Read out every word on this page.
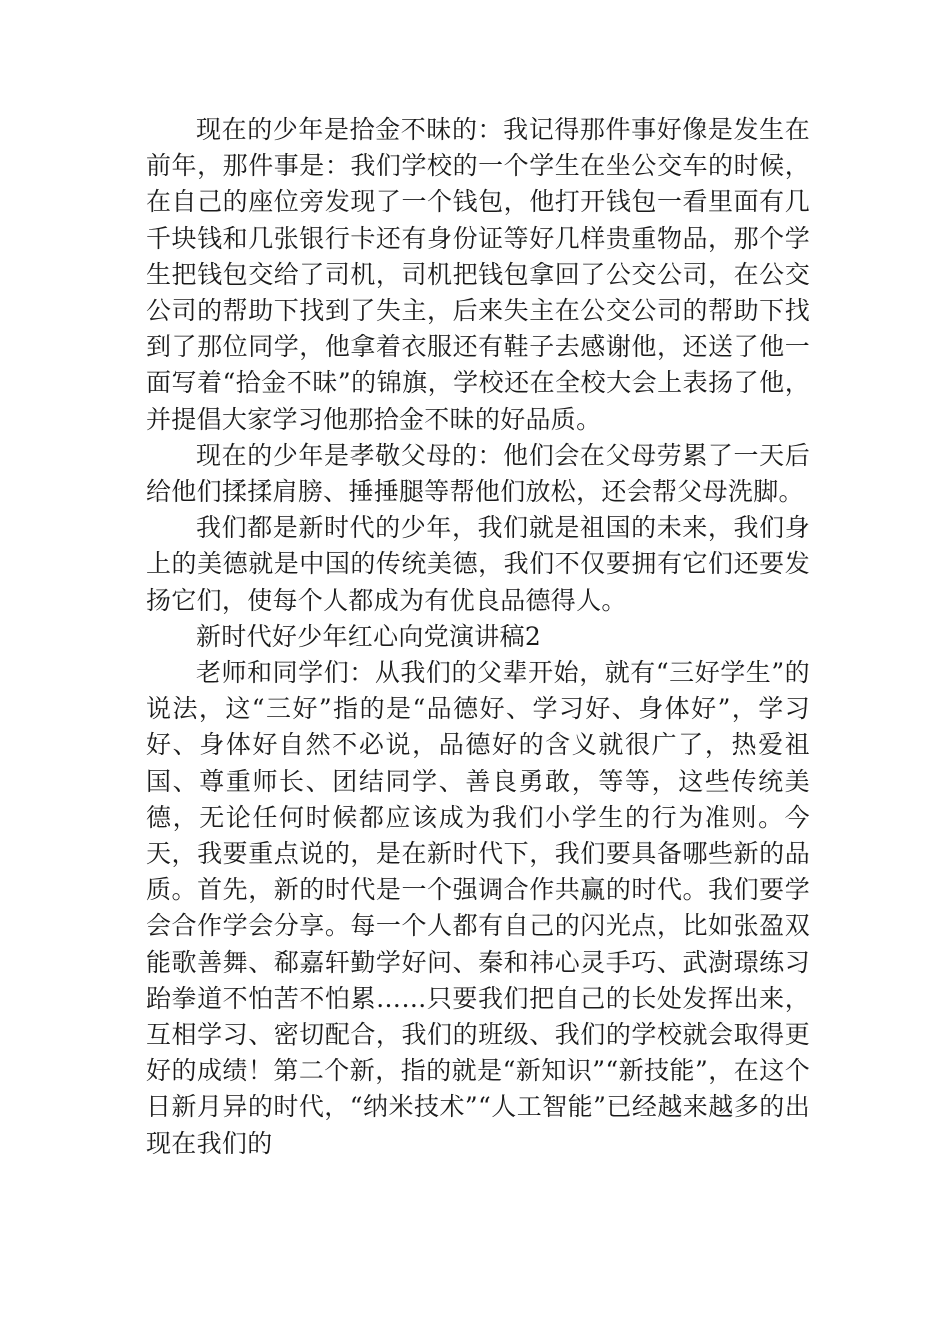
现在的少年是拾金不昧的：我记得那件事好像是发生在前年，那件事是：我们学校的一个学生在坐公交车的时候，在自己的座位旁发现了一个钱包，他打开钱包一看里面有几千块钱和几张银行卡还有身份证等好几样贵重物品，那个学生把钱包交给了司机，司机把钱包拿回了公交公司，在公交公司的帮助下找到了失主，后来失主在公交公司的帮助下找到了那位同学，他拿着衣服还有鞋子去感谢他，还送了他一面写着“拾金不昧”的锦旗，学校还在全校大会上表扬了他，并提倡大家学习他那拾金不昧的好品质。

现在的少年是孝敬父母的：他们会在父母劳累了一天后给他们揉揉肩膀、捶捶腿等帮他们放松，还会帮父母洗脚。

我们都是新时代的少年，我们就是祖国的未来，我们身上的美德就是中国的传统美德，我们不仅要拥有它们还要发扬它们，使每个人都成为有优良品德得人。

新时代好少年红心向党演讲稿2

老师和同学们：从我们的父辈开始，就有“三好学生”的说法，这“三好”指的是“品德好、学习好、身体好”，学习好、身体好自然不必说，品德好的含义就很广了，热爱祖国、尊重师长、团结同学、善良勇敢，等等，这些传统美德，无论任何时候都应该成为我们小学生的行为准则。今天，我要重点说的，是在新时代下，我们要具备哪些新的品质。首先，新的时代是一个强调合作共赢的时代。我们要学会合作学会分享。每一个人都有自己的闪光点，比如张盈双能歌善舞、郗嘉轩勤学好问、秦和祎心灵手巧、武澍璟练习跆拳道不怕苦不怕累……只要我们把自己的长处发挥出来，互相学习、密切配合，我们的班级、我们的学校就会取得更好的成绩！第二个新，指的就是“新知识”“新技能”，在这个日新月异的时代，“纳米技术”“人工智能”已经越来越多的出现在我们的
